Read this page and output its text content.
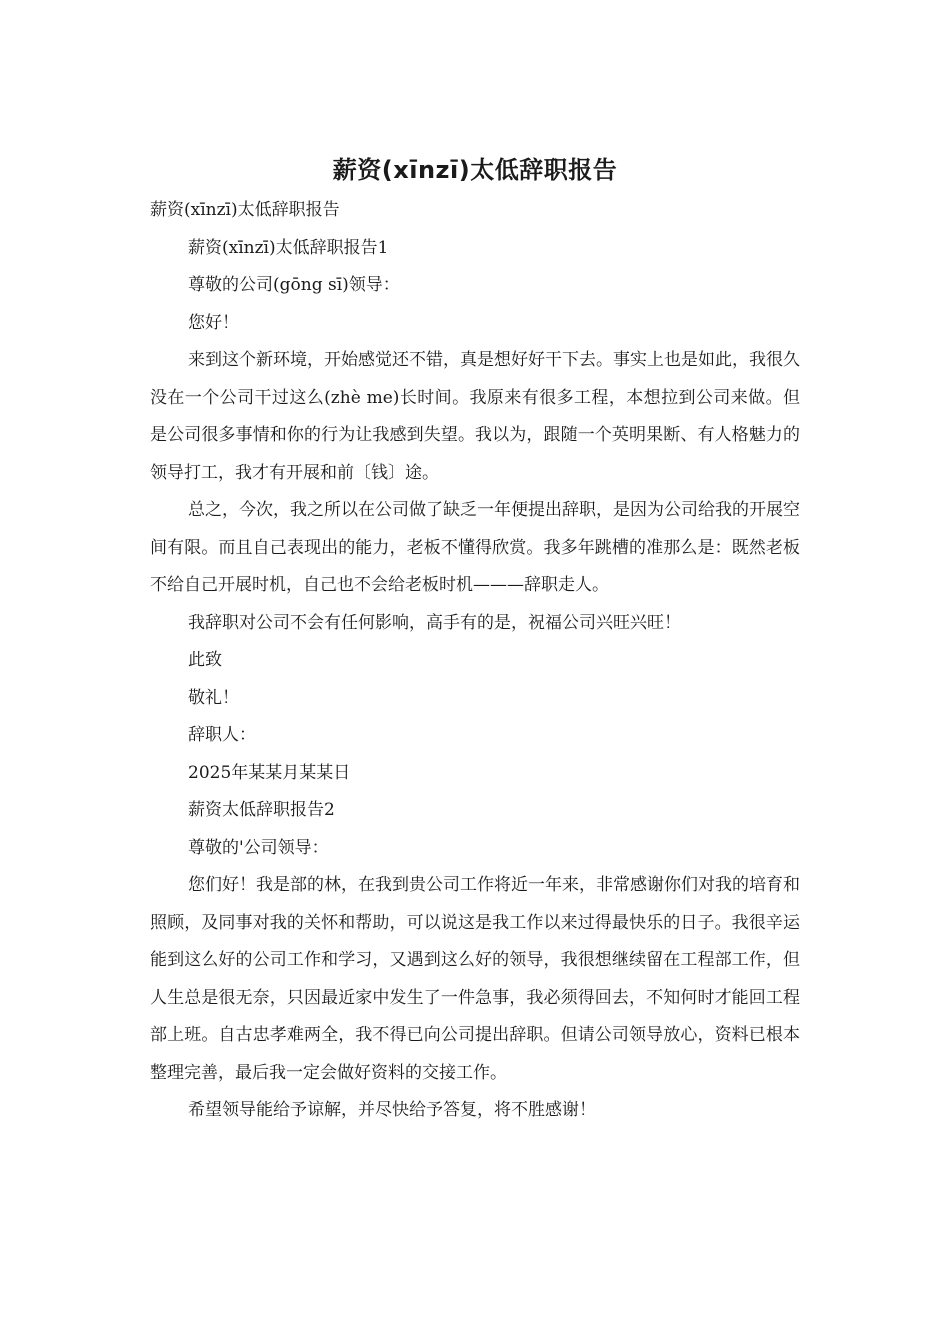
薪资(xīnzī)太低辞职报告

薪资(xīnzī)太低辞职报告

薪资(xīnzī)太低辞职报告1

尊敬的公司(gōng sī)领导：

您好！

来到这个新环境，开始感觉还不错，真是想好好干下去。事实上也是如此，我很久没在一个公司干过这么(zhè me)长时间。我原来有很多工程，本想拉到公司来做。但是公司很多事情和你的行为让我感到失望。我以为，跟随一个英明果断、有人格魅力的领导打工，我才有开展和前〔钱〕途。

总之，今次，我之所以在公司做了缺乏一年便提出辞职，是因为公司给我的开展空间有限。而且自己表现出的能力，老板不懂得欣赏。我多年跳槽的准那么是：既然老板不给自己开展时机，自己也不会给老板时机———辞职走人。

我辞职对公司不会有任何影响，高手有的是，祝福公司兴旺兴旺！

此致

敬礼！

辞职人：

2025年某某月某某日

薪资太低辞职报告2

尊敬的'公司领导：

您们好！我是部的林，在我到贵公司工作将近一年来，非常感谢你们对我的培育和照顾，及同事对我的关怀和帮助，可以说这是我工作以来过得最快乐的日子。我很辛运能到这么好的公司工作和学习，又遇到这么好的领导，我很想继续留在工程部工作，但人生总是很无奈，只因最近家中发生了一件急事，我必须得回去，不知何时才能回工程部上班。自古忠孝难两全，我不得已向公司提出辞职。但请公司领导放心，资料已根本整理完善，最后我一定会做好资料的交接工作。

希望领导能给予谅解，并尽快给予答复，将不胜感谢！
